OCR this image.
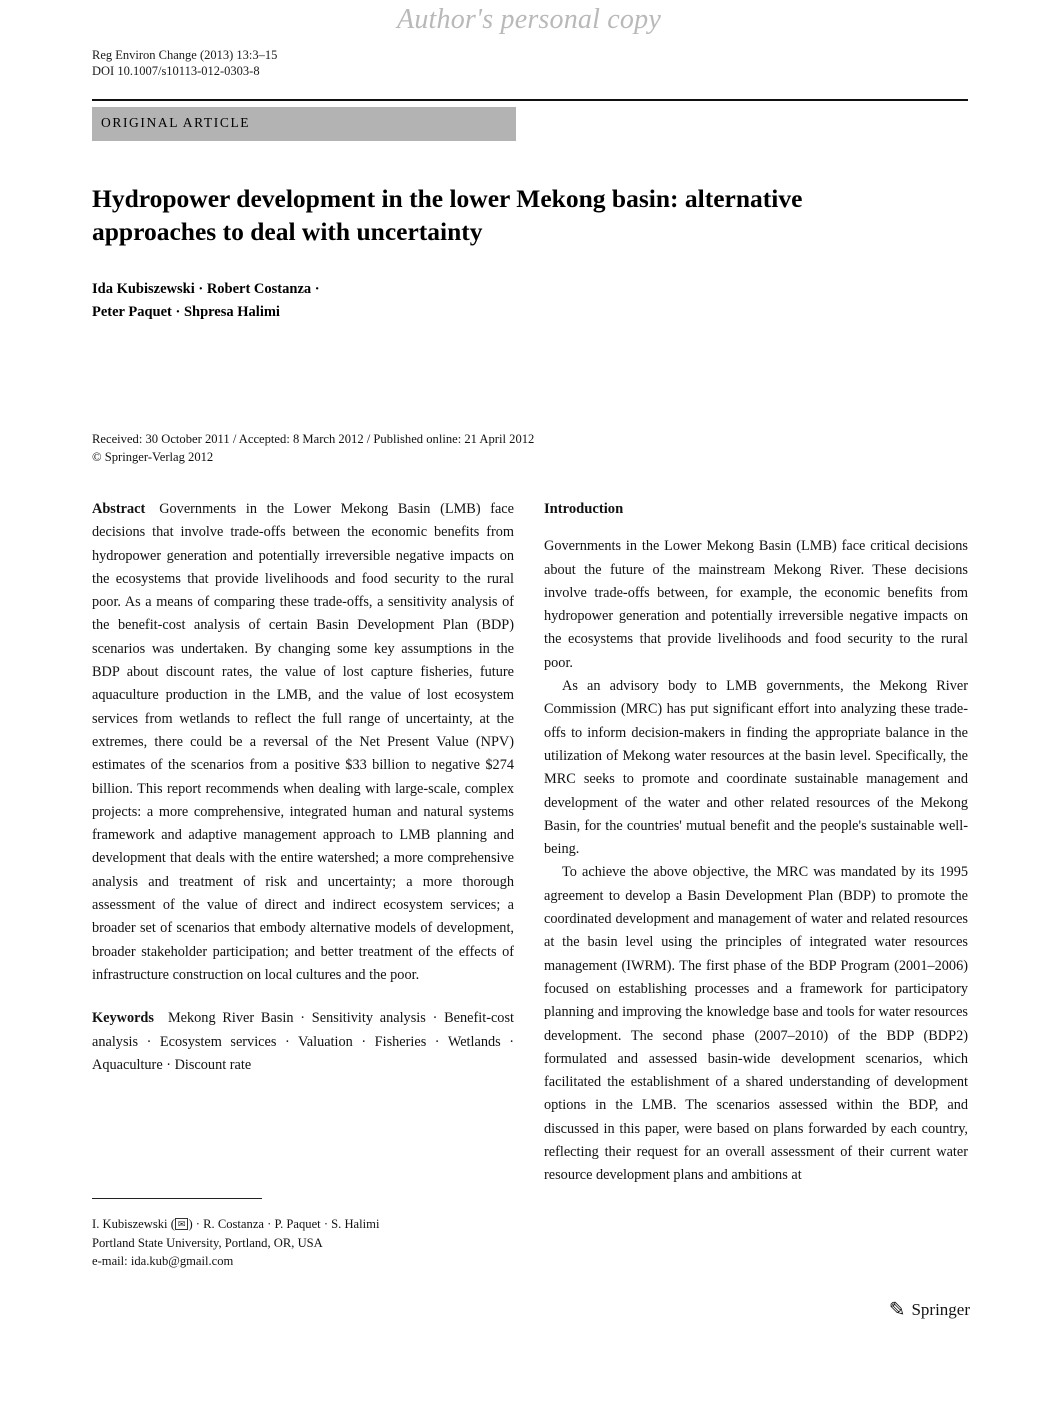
Author's personal copy
Reg Environ Change (2013) 13:3–15
DOI 10.1007/s10113-012-0303-8
ORIGINAL ARTICLE
Hydropower development in the lower Mekong basin: alternative approaches to deal with uncertainty
Ida Kubiszewski · Robert Costanza ·
Peter Paquet · Shpresa Halimi
Received: 30 October 2011 / Accepted: 8 March 2012 / Published online: 21 April 2012
© Springer-Verlag 2012

Abstract Governments in the Lower Mekong Basin (LMB) face decisions that involve trade-offs between the economic benefits from hydropower generation and potentially irreversible negative impacts on the ecosystems that provide livelihoods and food security to the rural poor. As a means of comparing these trade-offs, a sensitivity analysis of the benefit-cost analysis of certain Basin Development Plan (BDP) scenarios was undertaken. By changing some key assumptions in the BDP about discount rates, the value of lost capture fisheries, future aquaculture production in the LMB, and the value of lost ecosystem services from wetlands to reflect the full range of uncertainty, at the extremes, there could be a reversal of the Net Present Value (NPV) estimates of the scenarios from a positive $33 billion to negative $274 billion. This report recommends when dealing with large-scale, complex projects: a more comprehensive, integrated human and natural systems framework and adaptive management approach to LMB planning and development that deals with the entire watershed; a more comprehensive analysis and treatment of risk and uncertainty; a more thorough assessment of the value of direct and indirect ecosystem services; a broader set of scenarios that embody alternative models of development, broader stakeholder participation; and better treatment of the effects of infrastructure construction on local cultures and the poor.

Keywords Mekong River Basin · Sensitivity analysis · Benefit-cost analysis · Ecosystem services · Valuation · Fisheries · Wetlands · Aquaculture · Discount rate

Introduction

Governments in the Lower Mekong Basin (LMB) face critical decisions about the future of the mainstream Mekong River. These decisions involve trade-offs between, for example, the economic benefits from hydropower generation and potentially irreversible negative impacts on the ecosystems that provide livelihoods and food security to the rural poor.

As an advisory body to LMB governments, the Mekong River Commission (MRC) has put significant effort into analyzing these trade-offs to inform decision-makers in finding the appropriate balance in the utilization of Mekong water resources at the basin level. Specifically, the MRC seeks to promote and coordinate sustainable management and development of the water and other related resources of the Mekong Basin, for the countries' mutual benefit and the people's sustainable well-being.

To achieve the above objective, the MRC was mandated by its 1995 agreement to develop a Basin Development Plan (BDP) to promote the coordinated development and management of water and related resources at the basin level using the principles of integrated water resources management (IWRM). The first phase of the BDP Program (2001–2006) focused on establishing processes and a framework for participatory planning and improving the knowledge base and tools for water resources development. The second phase (2007–2010) of the BDP (BDP2) formulated and assessed basin-wide development scenarios, which facilitated the establishment of a shared understanding of development options in the LMB. The scenarios assessed within the BDP, and discussed in this paper, were based on plans forwarded by each country, reflecting their request for an overall assessment of their current water resource development plans and ambitions at

I. Kubiszewski ( ✉ ) · R. Costanza · P. Paquet · S. Halimi
Portland State University, Portland, OR, USA
e-mail: ida.kub@gmail.com
✎ Springer
